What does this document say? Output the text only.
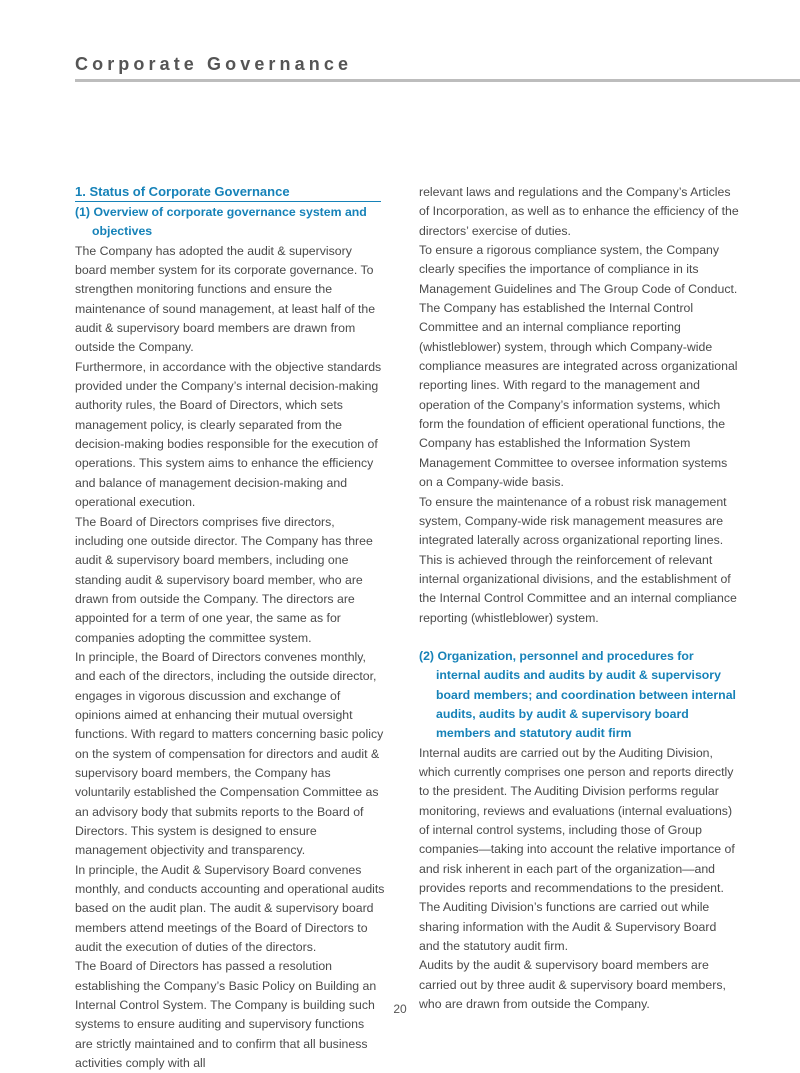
Corporate Governance
1. Status of Corporate Governance

(1) Overview of corporate governance system and objectives

The Company has adopted the audit & supervisory board member system for its corporate governance. To strengthen monitoring functions and ensure the maintenance of sound management, at least half of the audit & supervisory board members are drawn from outside the Company.

Furthermore, in accordance with the objective standards provided under the Company’s internal decision-making authority rules, the Board of Directors, which sets management policy, is clearly separated from the decision-making bodies responsible for the execution of operations. This system aims to enhance the efficiency and balance of management decision-making and operational execution.

The Board of Directors comprises five directors, including one outside director. The Company has three audit & supervisory board members, including one standing audit & supervisory board member, who are drawn from outside the Company. The directors are appointed for a term of one year, the same as for companies adopting the committee system.

In principle, the Board of Directors convenes monthly, and each of the directors, including the outside director, engages in vigorous discussion and exchange of opinions aimed at enhancing their mutual oversight functions. With regard to matters concerning basic policy on the system of compensation for directors and audit & supervisory board members, the Company has voluntarily established the Compensation Committee as an advisory body that submits reports to the Board of Directors. This system is designed to ensure management objectivity and transparency.

In principle, the Audit & Supervisory Board convenes monthly, and conducts accounting and operational audits based on the audit plan. The audit & supervisory board members attend meetings of the Board of Directors to audit the execution of duties of the directors.

The Board of Directors has passed a resolution establishing the Company’s Basic Policy on Building an Internal Control System. The Company is building such systems to ensure auditing and supervisory functions are strictly maintained and to confirm that all business activities comply with all

relevant laws and regulations and the Company’s Articles of Incorporation, as well as to enhance the efficiency of the directors’ exercise of duties.

To ensure a rigorous compliance system, the Company clearly specifies the importance of compliance in its Management Guidelines and The Group Code of Conduct. The Company has established the Internal Control Committee and an internal compliance reporting (whistleblower) system, through which Company-wide compliance measures are integrated across organizational reporting lines. With regard to the management and operation of the Company’s information systems, which form the foundation of efficient operational functions, the Company has established the Information System Management Committee to oversee information systems on a Company-wide basis.

To ensure the maintenance of a robust risk management system, Company-wide risk management measures are integrated laterally across organizational reporting lines. This is achieved through the reinforcement of relevant internal organizational divisions, and the establishment of the Internal Control Committee and an internal compliance reporting (whistleblower) system.

(2) Organization, personnel and procedures for internal audits and audits by audit & supervisory board members; and coordination between internal audits, audits by audit & supervisory board members and statutory audit firm

Internal audits are carried out by the Auditing Division, which currently comprises one person and reports directly to the president. The Auditing Division performs regular monitoring, reviews and evaluations (internal evaluations) of internal control systems, including those of Group companies—taking into account the relative importance of and risk inherent in each part of the organization—and provides reports and recommendations to the president. The Auditing Division’s functions are carried out while sharing information with the Audit & Supervisory Board and the statutory audit firm.

Audits by the audit & supervisory board members are carried out by three audit & supervisory board members, who are drawn from outside the Company.

20
